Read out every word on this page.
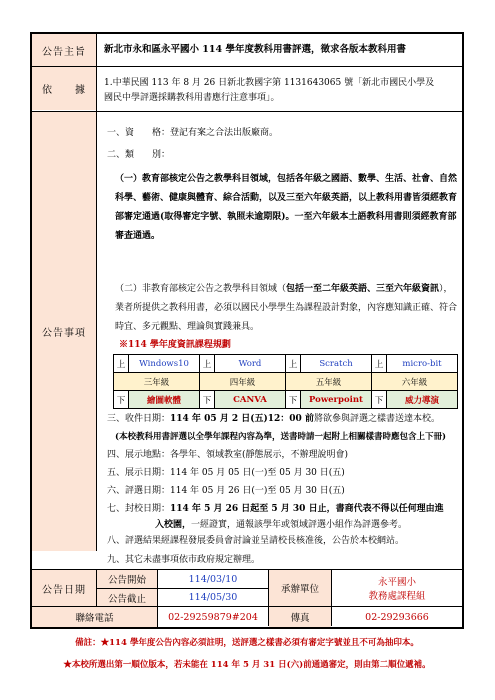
公告主旨	新北市永和區永平國小 114 學年度教科用書評選，徵求各版本教科用書
依　　據
1.中華民國 113 年 8 月 26 日新北教國字第 1131643065 號「新北市國民小學及
國民中學評選採購教科用書應行注意事項」。
公告事項
一、資　　格：登記有案之合法出版廠商。
二、類　　別：
（一）教育部核定公告之教學科目領域，包括各年級之國語、數學、生活、社會、自然科學、藝術、健康與體育、綜合活動，以及三至六年級英語，以上教科用書皆須經教育部審定通過(取得審定字號、執照未逾期限)。一至六年級本土語教科用書則須經教育部審查通過。
（二）非教育部核定公告之教學科目領域（包括一至二年級英語、三至六年級資訊），業者所提供之教科用書，必須以國民小學學生為課程設計對象，內容應知識正確、符合時宜、多元觀點、理論與實踐兼具。
※114 學年度資訊課程規劃
上	Windows10	上	Word	上	Scratch	上	micro-bit
三年級		四年級		五年級		六年級	
下	繪圖軟體	下	CANVA	下	Powerpoint	下	威力導演
三、收件日期：114 年 05 月 2 日(五)12：00 前將欲參與評選之樣書送達本校。
(本校教科用書評選以全學年課程內容為準，送書時請一起附上相關樣書時應包含上下冊)
四、展示地點：各學年、領域教室(靜態展示，不辦理說明會)
五、展示日期：114 年 05 月 05 日(一)至 05 月 30 日(五)
六、評選日期：114 年 05 月 26 日(一)至 05 月 30 日(五)
七、封校日期：114 年 5 月 26 日起至 5 月 30 日止，書商代表不得以任何理由進
入校園，一經證實，通報該學年或領域評選小組作為評選參考。
八、評選結果經課程發展委員會討論並呈請校長核准後，公告於本校網站。
九、其它未盡事項依市政府規定辦理。
公告日期
公告開始	114/03/10
公告截止	114/05/30
承辦單位
永平國小
教務處課程組
聯絡電話	02-29259879#204	傳真	02-29293666
備註：★114 學年度公告內容必須註明，送評選之樣書必須有審定字號並且不可為抽印本。
★本校所選出第一順位版本，若未能在 114 年 5 月 31 日(六)前通過審定，則由第二順位遞補。
